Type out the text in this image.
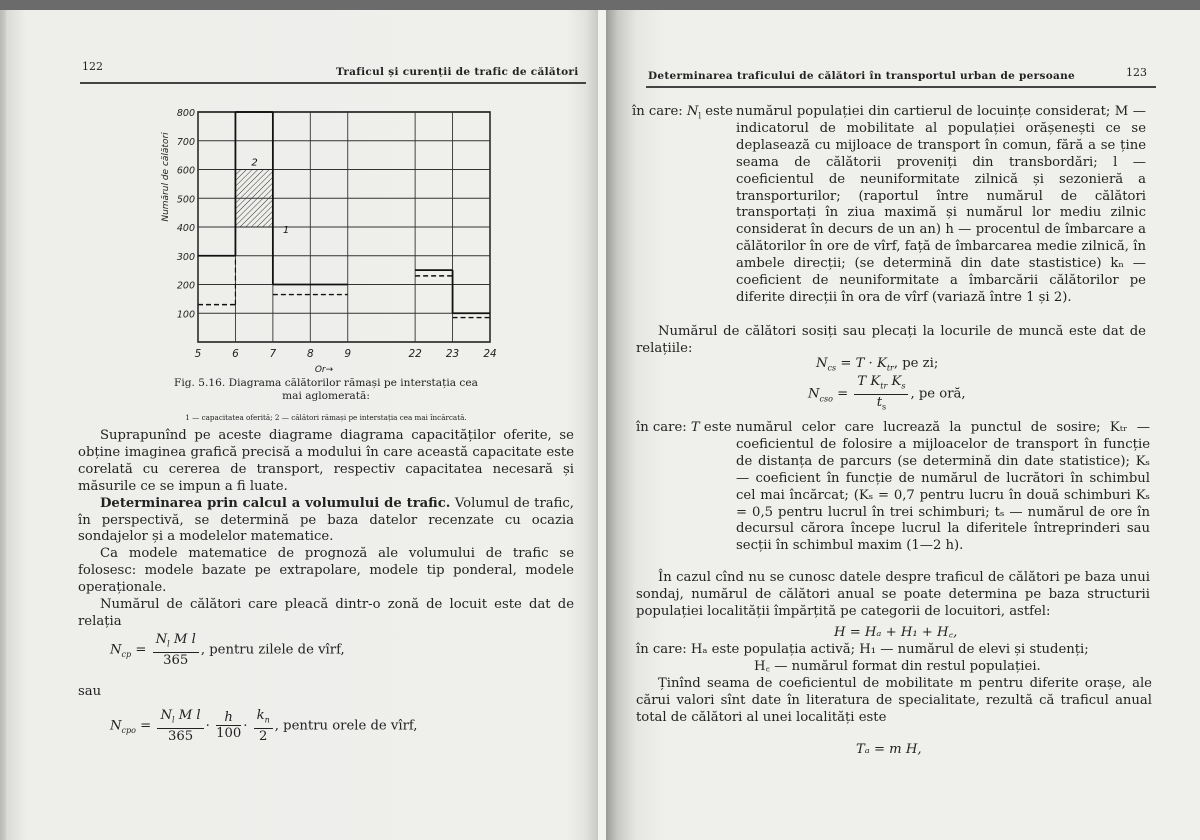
122	Traficul și curenții de trafic de călători
100
200
300
400
500
600
700
800
5	6	7	8	9	22 23 24
Or→
Numărul de călători	2
1
Fig. 5.16. Diagrama călătorilor rămași pe interstația cea
mai aglomerată:
1 — capacitatea oferită; 2 — călători rămași pe interstația cea mai încărcată.

Suprapunînd pe aceste diagrame diagrama capacităților oferite, se obține imaginea grafică precisă a modului în care această capacitate este corelată cu cererea de transport, respectiv capacitatea necesară și măsurile ce se impun a fi luate.

Determinarea prin calcul a volumului de trafic. Volumul de trafic, în perspectivă, se determină pe baza datelor recenzate cu ocazia sondajelor și a modelelor matematice.

Ca modele matematice de prognoză ale volumului de trafic se folosesc: modele bazate pe extrapolare, modele tip ponderal, modele operaționale.

Numărul de călători care pleacă dintr-o zonă de locuit este dat de relația

$N_{cp} = \frac{N_l M l}{365}$ , pentru zilele de vîrf,
sau
$N_{cpo} = \frac{N_l M l}{365} \cdot \frac{h}{100} \cdot \frac{k_n}{2}$ , pentru orele de vîrf,
Determinarea traficului de călători în transportul urban de persoane	123
în care: $N_l$ este numărul populației din cartierul de locuințe considerat; M — indicatorul de mobilitate al populației orășenești ce se deplasează cu mijloace de transport în comun, fără a se ține seama de călătorii proveniți din transbordări; l — coeficientul de neuniformitate zilnică și sezonieră a transporturilor; (raportul între numărul de călători transportați în ziua maximă și numărul lor mediu zilnic considerat în decurs de un an) h — procentul de îmbarcare a călătorilor în ore de vîrf, față de îmbarcarea medie zilnică, în ambele direcții; (se determină din date stastistice) kₙ — coeficient de neuniformitate a îmbarcării călătorilor pe diferite direcții în ora de vîrf (variază între 1 și 2).

Numărul de călători sosiți sau plecați la locurile de muncă este dat de relațiile:

$N_{cs} = T \cdot K_{tr}$, pe zi;
$N_{cso} = \frac{T K_{tr} K_s}{t_s}$ , pe oră,
în care: T este numărul celor care lucrează la punctul de sosire; Kₜᵣ — coeficientul de folosire a mijloacelor de transport în funcție de distanța de parcurs (se determină din date statistice); Kₛ — coeficient în funcție de numărul de lucrători în schimbul cel mai încărcat; (Kₛ = 0,7 pentru lucru în două schimburi Kₛ = 0,5 pentru lucrul în trei schimburi; tₛ — numărul de ore în decursul cărora începe lucrul la diferitele întreprinderi sau secții în schimbul maxim (1—2 h).

În cazul cînd nu se cunosc datele despre traficul de călători pe baza unui sondaj, numărul de călători anual se poate determina pe baza structurii populației localității împărțită pe categorii de locuitori, astfel:

H = Hₐ + H₁ + H꜀,
în care: Hₐ este populația activă; H₁ — numărul de elevi și studenți;
H꜀ — numărul format din restul populației.

Ținînd seama de coeficientul de mobilitate m pentru diferite orașe, ale cărui valori sînt date în literatura de specialitate, rezultă că traficul anual total de călători al unei localități este

Tₐ = m H,
